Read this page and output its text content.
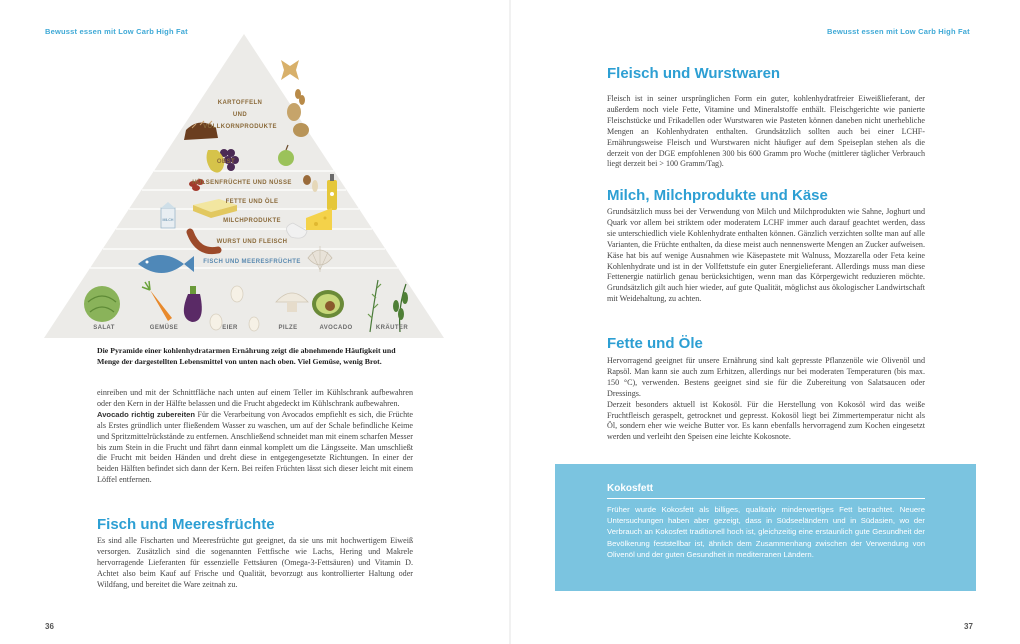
Bewusst essen mit Low Carb High Fat	Bewusst essen mit Low Carb High Fat
MILCH
KARTOFFELN
UND
VOLLKORNPRODUKTE
OBST
HÜLSENFRÜCHTE UND NÜSSE
FETTE UND ÖLE
MILCHPRODUKTE
WURST UND FLEISCH
FISCH UND MEERESFRÜCHTE
SALAT	GEMÜSE	EIER	PILZE	AVOCADO	KRÄUTER
Die Pyramide einer kohlenhydratarmen Ernährung zeigt die abnehmende Häufigkeit und Menge der dargestellten Lebensmittel von unten nach oben. Viel Gemüse, wenig Brot.

einreiben und mit der Schnittfläche nach unten auf einem Teller im Kühlschrank aufbewahren oder den Kern in der Hälfte belassen und die Frucht abgedeckt im Kühlschrank aufbewahren.

Avocado richtig zubereiten Für die Verarbeitung von Avocados empfiehlt es sich, die Früchte als Erstes gründlich unter fließendem Wasser zu waschen, um auf der Schale befindliche Keime und Spritzmittelrückstände zu entfernen. Anschließend schneidet man mit einem scharfen Messer bis zum Stein in die Frucht und fährt dann einmal komplett um die Längsseite. Man umschließt die Frucht mit beiden Händen und dreht diese in entgegengesetzte Richtungen. In einer der beiden Hälften befindet sich dann der Kern. Bei reifen Früchten lässt sich dieser leicht mit einem Löffel entfernen.

Fisch und Meeresfrüchte
Es sind alle Fischarten und Meeresfrüchte gut geeignet, da sie uns mit hochwertigem Eiweiß versorgen. Zusätzlich sind die sogenannten Fettfische wie Lachs, Hering und Makrele hervorragende Lieferanten für essenzielle Fettsäuren (Omega-3-Fettsäuren) und Vitamin D. Achtet also beim Kauf auf Frische und Qualität, bevorzugt aus kontrollierter Haltung oder Wildfang, und bereitet die Ware zeitnah zu.
Fleisch und Wurstwaren
Fleisch ist in seiner ursprünglichen Form ein guter, kohlenhydratfreier Eiweißlieferant, der außerdem noch viele Fette, Vitamine und Mineralstoffe enthält. Fleischgerichte wie panierte Fleischstücke und Frikadellen oder Wurstwaren wie Pasteten können daneben nicht unerhebliche Mengen an Kohlenhydraten enthalten. Grundsätzlich sollten auch bei einer LCHF-Ernährungsweise Fleisch und Wurstwaren nicht häufiger auf dem Speiseplan stehen als die derzeit von der DGE empfohlenen 300 bis 600 Gramm pro Woche (mittlerer täglicher Verbrauch liegt derzeit bei > 100 Gramm/Tag).
Milch, Milchprodukte und Käse
Grundsätzlich muss bei der Verwendung von Milch und Milchprodukten wie Sahne, Joghurt und Quark vor allem bei striktem oder moderatem LCHF immer auch darauf geachtet werden, dass sie unterschiedlich viele Kohlenhydrate enthalten können. Gänzlich verzichten sollte man auf alle Varianten, die Früchte enthalten, da diese meist auch nennenswerte Mengen an Zucker aufweisen. Käse hat bis auf wenige Ausnahmen wie Käsepastete mit Walnuss, Mozzarella oder Feta keine Kohlenhydrate und ist in der Vollfettstufe ein guter Energielieferant. Allerdings muss man diese Fettenergie natürlich genau berücksichtigen, wenn man das Körpergewicht reduzieren möchte. Grundsätzlich gilt auch hier wieder, auf gute Qualität, möglichst aus ökologischer Landwirtschaft mit Weidehaltung, zu achten.
Fette und Öle

Hervorragend geeignet für unsere Ernährung sind kalt gepresste Pflanzenöle wie Olivenöl und Rapsöl. Man kann sie auch zum Erhitzen, allerdings nur bei moderaten Temperaturen (bis max. 150 °C), verwenden. Bestens geeignet sind sie für die Zubereitung von Salatsaucen oder Dressings.

Derzeit besonders aktuell ist Kokosöl. Für die Herstellung von Kokosöl wird das weiße Fruchtfleisch geraspelt, getrocknet und gepresst. Kokosöl liegt bei Zimmertemperatur nicht als Öl, sondern eher wie weiche Butter vor. Es kann ebenfalls hervorragend zum Kochen eingesetzt werden und verleiht den Speisen eine leichte Kokosnote.

Kokosfett
Früher wurde Kokosfett als billiges, qualitativ minderwertiges Fett betrachtet. Neuere Untersuchungen haben aber gezeigt, dass in Südseeländern und in Südasien, wo der Verbrauch an Kokosfett traditionell hoch ist, gleichzeitig eine erstaunlich gute Gesundheit der Bevölkerung feststellbar ist, ähnlich dem Zusammenhang zwischen der Verwendung von Olivenöl und der guten Gesundheit in mediterranen Ländern.
36	37
